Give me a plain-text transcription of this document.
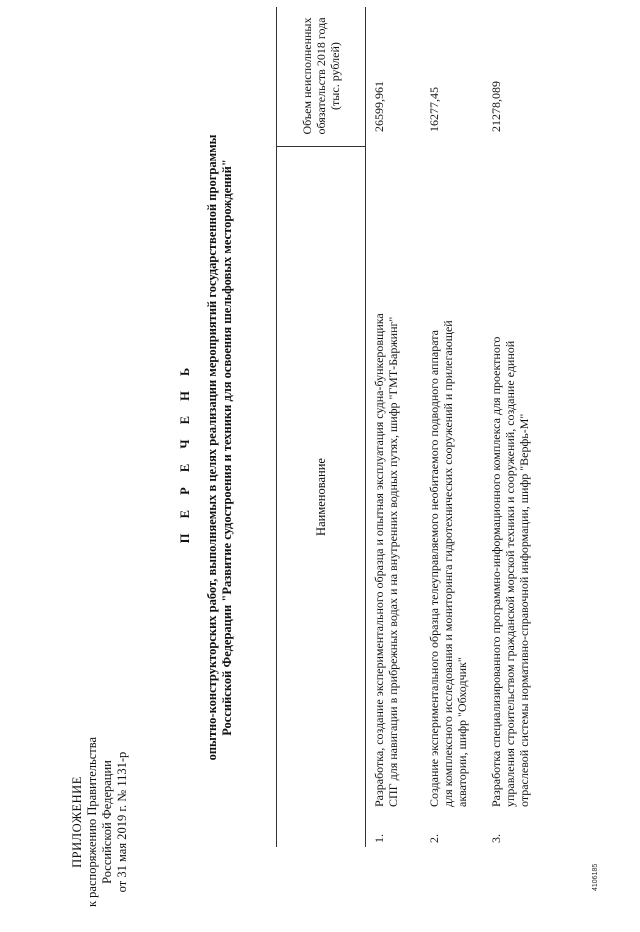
ПРИЛОЖЕНИЕ к распоряжению Правительства Российской Федерации от 31 мая 2019 г. № 1131-р
П Е Р Е Ч Е Н Ь опытно-конструкторских работ, выполняемых в целях реализации мероприятий государственной программы Российской Федерации "Развитие судостроения и техники для освоения шельфовых месторождений"	Наименование
Объем неисполненных обязательств 2018 года (тыс. рублей)
1.
Разработка, создание экспериментального образца и опытная эксплуатация судна-бункеровщика СПГ для навигации в прибрежных водах и на внутренних водных путях, шифр "ГМТ-Баржинг"
26599,961
2.
Создание экспериментального образца телеуправляемого необитаемого подводного аппарата для комплексного исследования и мониторинга гидротехнических сооружений и прилегающей акватории, шифр "Обходчик"
16277,45
3.
Разработка специализированного программно-информационного комплекса для проектного управления строительством гражданской морской техники и сооружений, создание единой отраслевой системы нормативно-справочной информации, шифр "Верфь-М"
21278,089
4106185
